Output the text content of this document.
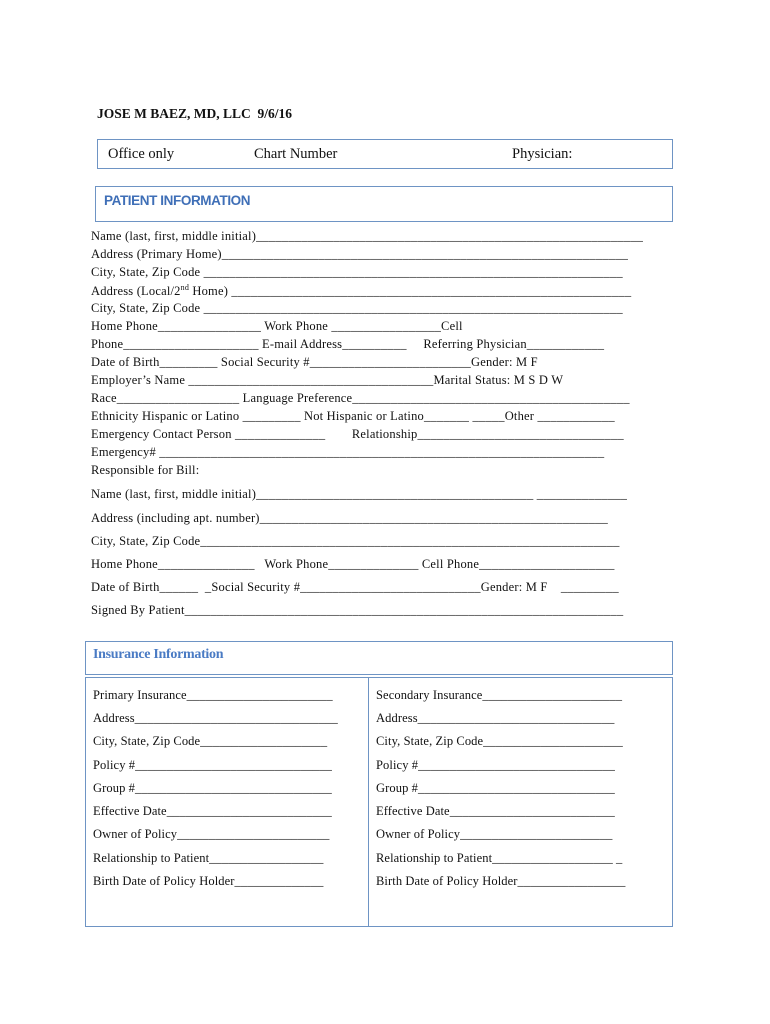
JOSE M BAEZ, MD, LLC  9/6/16
Office only	Chart Number	Physician:
PATIENT INFORMATION
Name (last, first, middle initial)____________________________________________________________
Address (Primary Home)_______________________________________________________________
City, State, Zip Code _________________________________________________________________
Address (Local/2nd Home) ______________________________________________________________
City, State, Zip Code _________________________________________________________________
Home Phone________________ Work Phone _________________Cell
Phone_____________________ E-mail Address__________     Referring Physician____________
Date of Birth_________ Social Security #_________________________Gender: M F
Employer’s Name ______________________________________Marital Status: M S D W
Race___________________ Language Preference___________________________________________
Ethnicity Hispanic or Latino _________ Not Hispanic or Latino_______ _____Other ____________
Emergency Contact Person ______________        Relationship________________________________
Emergency# _____________________________________________________________________
Responsible for Bill:
Name (last, first, middle initial)___________________________________________ ______________
Address (including apt. number)______________________________________________________
City, State, Zip Code_________________________________________________________________
Home Phone_______________   Work Phone______________ Cell Phone_____________________
Date of Birth______  _Social Security #____________________________Gender: M F    _________
Signed By Patient____________________________________________________________________
Insurance Information
Primary Insurance_______________________
Address________________________________
City, State, Zip Code____________________
Policy #_______________________________
Group #_______________________________
Effective Date__________________________
Owner of Policy________________________
Relationship to Patient__________________
Birth Date of Policy Holder______________
Secondary Insurance______________________
Address_______________________________
City, State, Zip Code______________________
Policy #_______________________________
Group #_______________________________
Effective Date__________________________
Owner of Policy________________________
Relationship to Patient___________________ _
Birth Date of Policy Holder_________________
